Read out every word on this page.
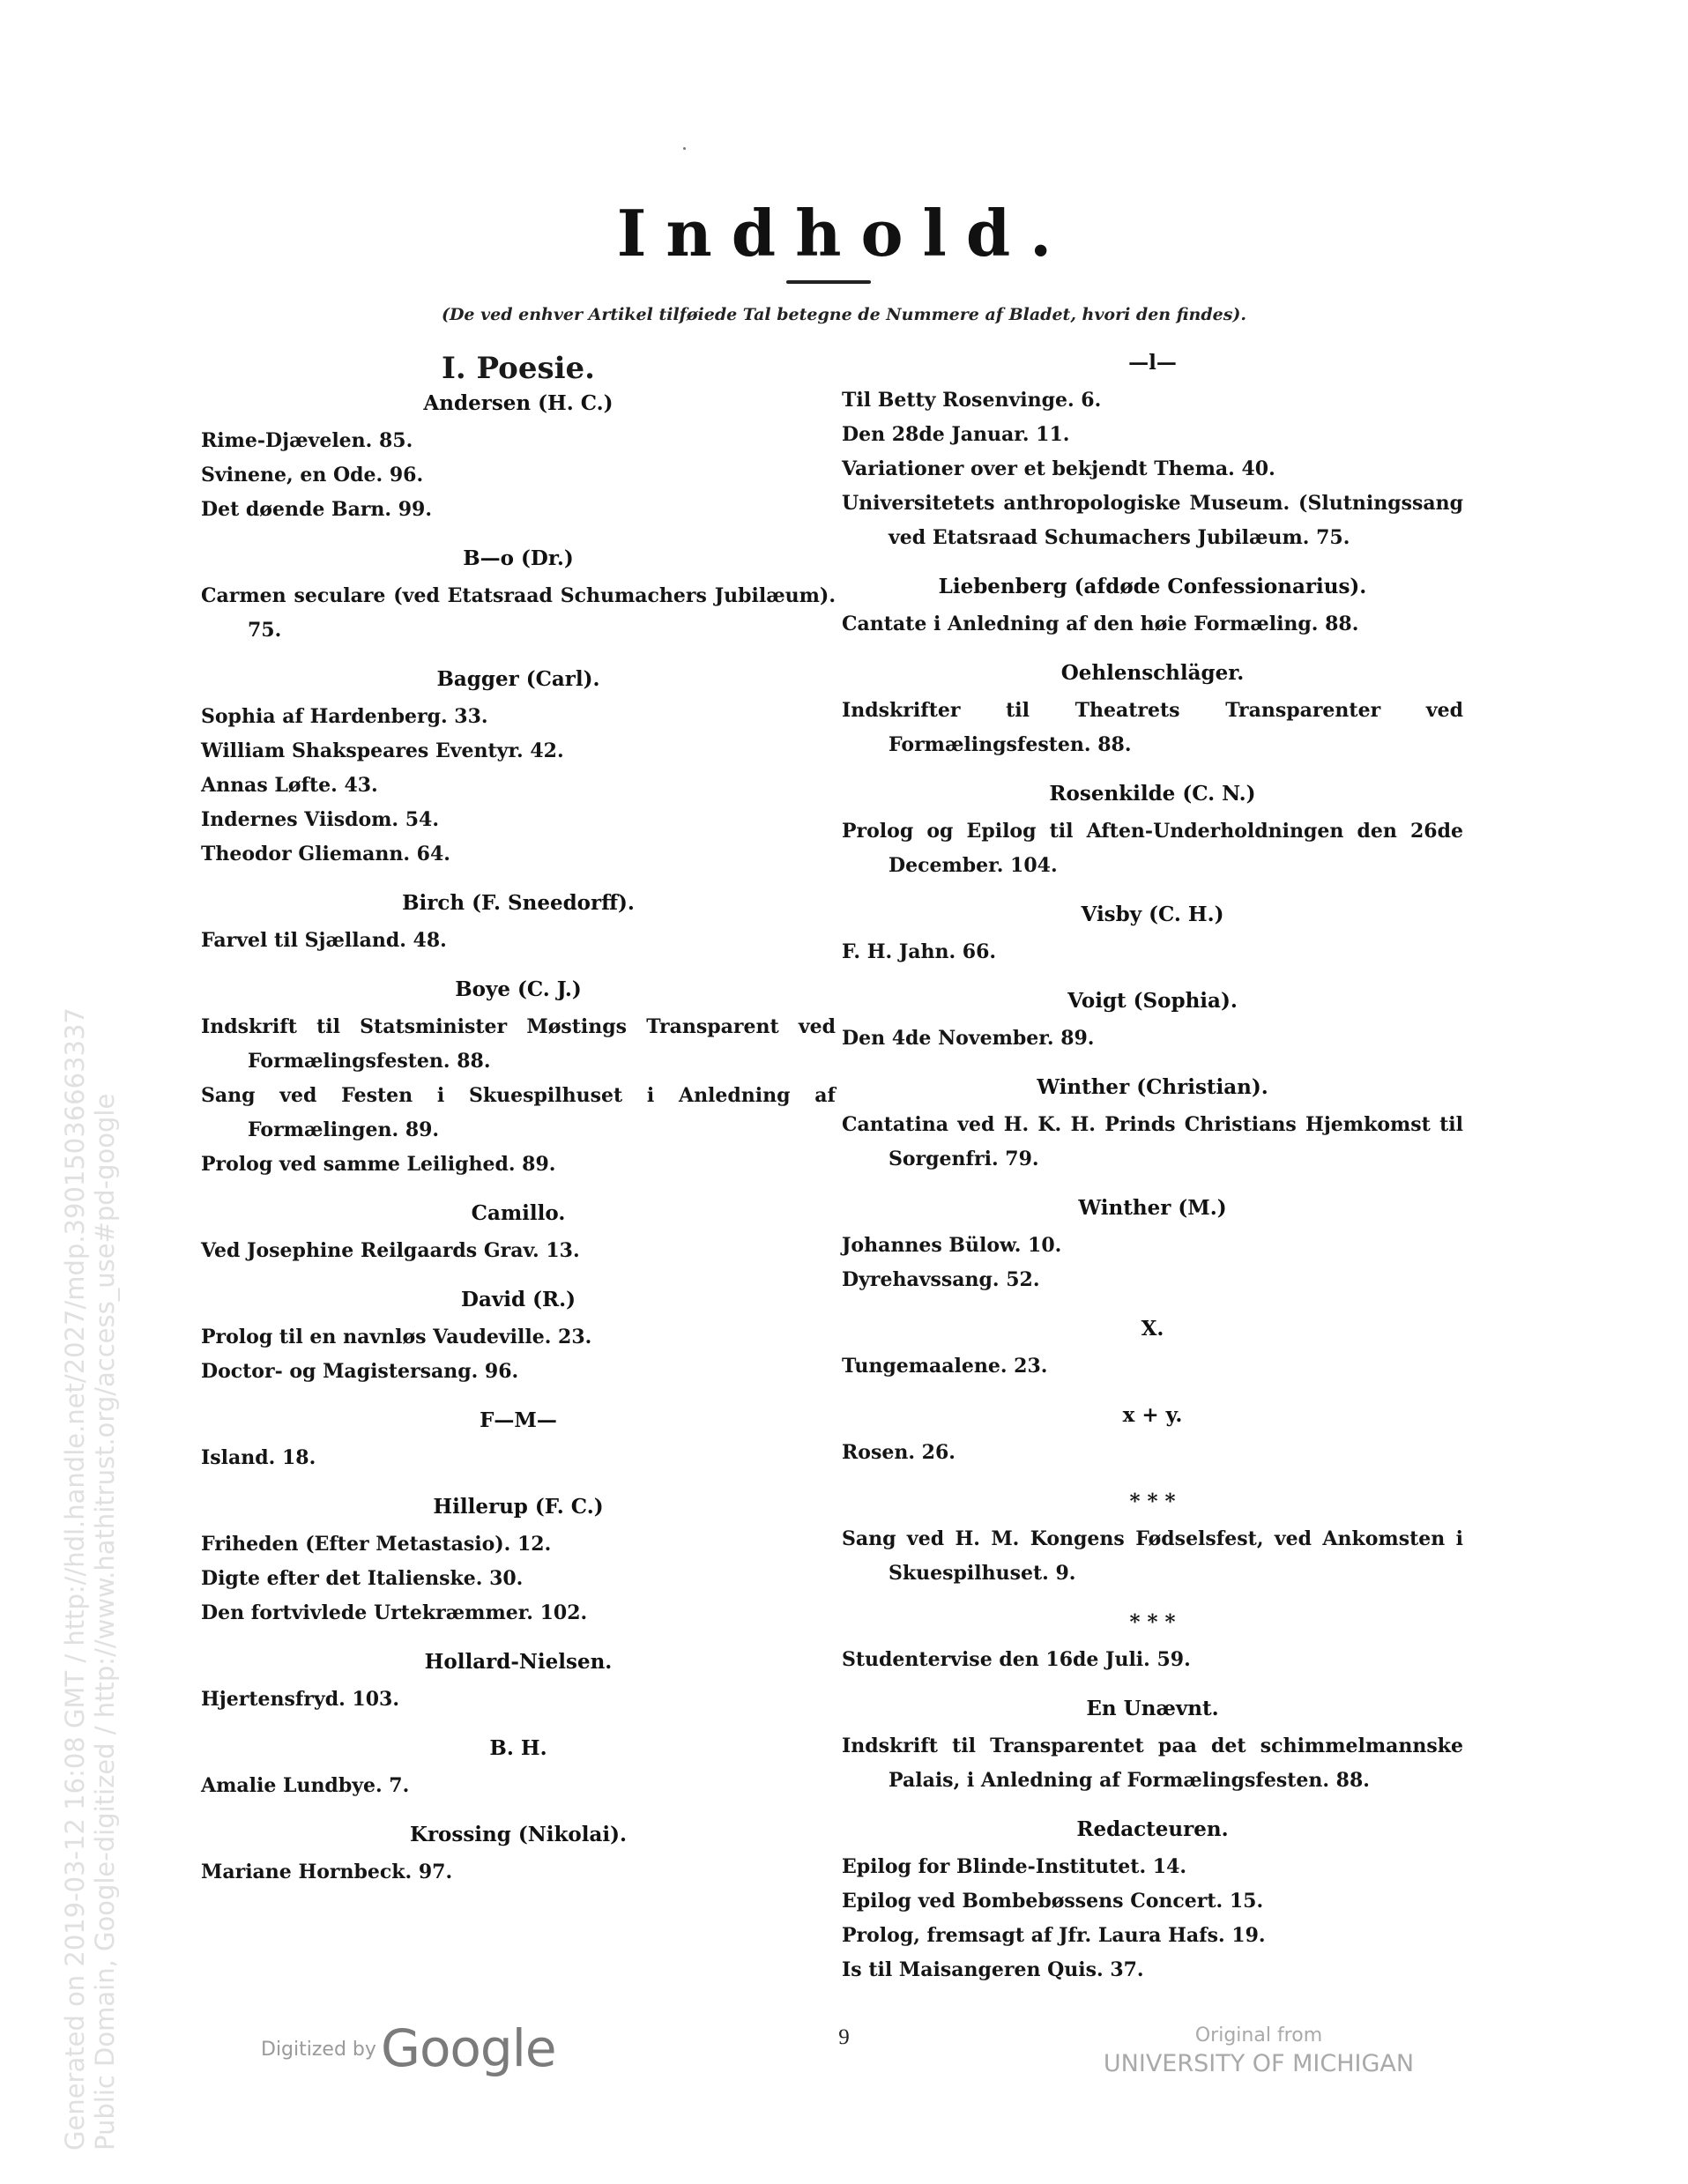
Indhold.
(De ved enhver Artikel tilføiede Tal betegne de Nummere af Bladet, hvori den findes).
I. Poesie.
Andersen (H. C.)
Rime-Djævelen. 85.
Svinene, en Ode. 96.
Det døende Barn. 99.
B—o (Dr.)
Carmen seculare (ved Etatsraad Schumachers Jubilæum). 75.
Bagger (Carl).
Sophia af Hardenberg. 33.
William Shakspeares Eventyr. 42.
Annas Løfte. 43.
Indernes Viisdom. 54.
Theodor Gliemann. 64.
Birch (F. Sneedorff).
Farvel til Sjælland. 48.
Boye (C. J.)
Indskrift til Statsminister Møstings Transparent ved Formælingsfesten. 88.
Sang ved Festen i Skuespilhuset i Anledning af Formælingen. 89.
Prolog ved samme Leilighed. 89.
Camillo.
Ved Josephine Reilgaards Grav. 13.
David (R.)
Prolog til en navnløs Vaudeville. 23.
Doctor- og Magistersang. 96.
F—M—
Island. 18.
Hillerup (F. C.)
Friheden (Efter Metastasio). 12.
Digte efter det Italienske. 30.
Den fortvivlede Urtekræmmer. 102.
Hollard-Nielsen.
Hjertensfryd. 103.
B. H.
Amalie Lundbye. 7.
Krossing (Nikolai).
Mariane Hornbeck. 97.
—l—
Til Betty Rosenvinge. 6.
Den 28de Januar. 11.
Variationer over et bekjendt Thema. 40.
Universitetets anthropologiske Museum. (Slutningssang ved Etatsraad Schumachers Jubilæum. 75.
Liebenberg (afdøde Confessionarius).
Cantate i Anledning af den høie Formæling. 88.
Oehlenschläger.
Indskrifter til Theatrets Transparenter ved Formælingsfesten. 88.
Rosenkilde (C. N.)
Prolog og Epilog til Aften-Underholdningen den 26de December. 104.
Visby (C. H.)
F. H. Jahn. 66.
Voigt (Sophia).
Den 4de November. 89.
Winther (Christian).
Cantatina ved H. K. H. Prinds Christians Hjemkomst til Sorgenfri. 79.
Winther (M.)
Johannes Bülow. 10.
Dyrehavssang. 52.
X.
Tungemaalene. 23.
x + y.
Rosen. 26.
* * *
Sang ved H. M. Kongens Fødselsfest, ved Ankomsten i Skuespilhuset. 9.
* * *
Studentervise den 16de Juli. 59.
En Unævnt.
Indskrift til Transparentet paa det schimmelmannske Palais, i Anledning af Formælingsfesten. 88.
Redacteuren.
Epilog for Blinde-Institutet. 14.
Epilog ved Bombebøssens Concert. 15.
Prolog, fremsagt af Jfr. Laura Hafs. 19.
Is til Maisangeren Quis. 37.
Generated on 2019-03-12 16:08 GMT / http://hdl.handle.net/2027/mdp.39015036663337 Public Domain, Google-digitized / http://www.hathitrust.org/access_use#pd-google	Digitized by Google	9	Original from
UNIVERSITY OF MICHIGAN
